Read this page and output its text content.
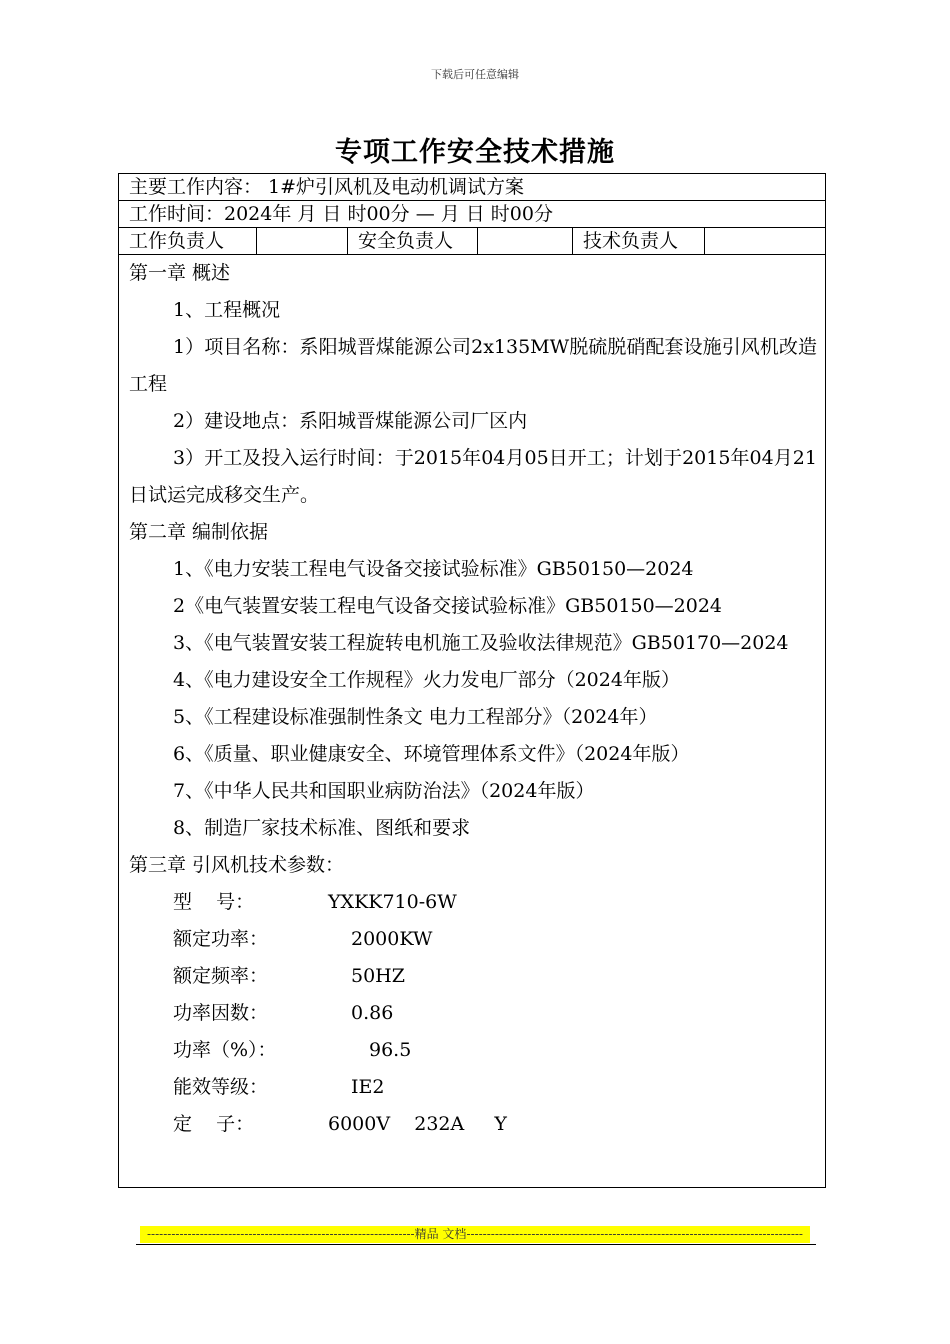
下载后可任意编辑
专项工作安全技术措施
主要工作内容： 1#炉引风机及电动机调试方案
工作时间：2024年 月 日 时00分 — 月 日 时00分
工作负责人	安全负责人	技术负责人

第一章 概述

1、工程概况

1）项目名称：系阳城晋煤能源公司2x135MW脱硫脱硝配套设施引风机改造工程

2）建设地点：系阳城晋煤能源公司厂区内

3）开工及投入运行时间：于2015年04月05日开工；计划于2015年04月21日试运完成移交生产。

第二章 编制依据

1、《电力安装工程电气设备交接试验标准》GB50150—2024

2《电气装置安装工程电气设备交接试验标准》GB50150—2024

3、《电气装置安装工程旋转电机施工及验收法律规范》GB50170—2024

4、《电力建设安全工作规程》火力发电厂部分（2024年版）

5、《工程建设标准强制性条文 电力工程部分》（2024年）

6、《质量、职业健康安全、环境管理体系文件》（2024年版）

7、《中华人民共和国职业病防治法》（2024年版）

8、制造厂家技术标准、图纸和要求

第三章 引风机技术参数：

型    号：	YXKK710-6W

额定功率：	2000KW

额定频率：	50HZ

功率因数：	0.86

功率（%）：	96.5

能效等级：	IE2

定    子：	6000V    232A     Y

------------------------------------------------------------------精品 文档-----------------------------------------------------------------------------------
